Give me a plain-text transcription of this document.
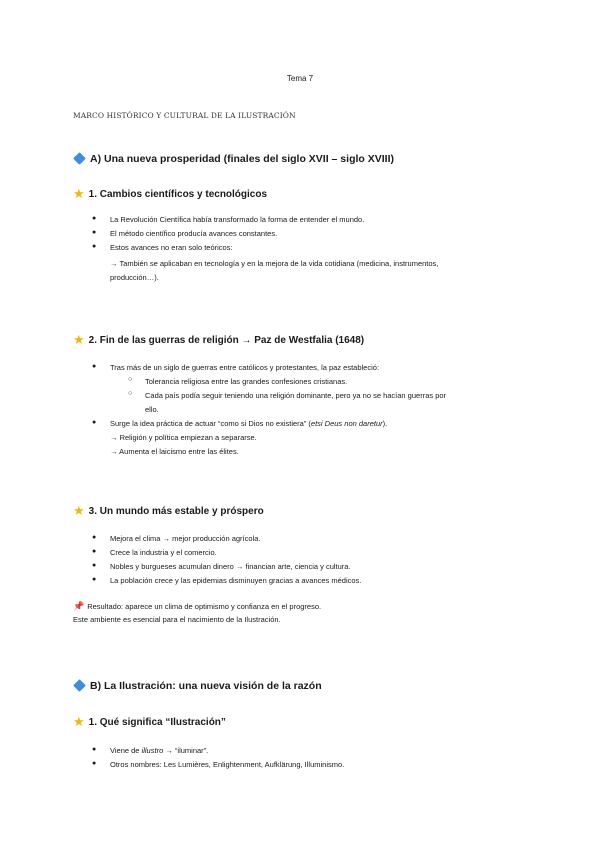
Tema 7
MARCO HISTÓRICO Y CULTURAL DE LA ILUSTRACIÓN
A) Una nueva prosperidad (finales del siglo XVII – siglo XVIII)
★ 1. Cambios científicos y tecnológicos
● La Revolución Científica había transformado la forma de entender el mundo.
● El método científico producía avances constantes.
● Estos avances no eran solo teóricos:
→ También se aplicaban en tecnología y en la mejora de la vida cotidiana (medicina, instrumentos,
producción…).
★ 2. Fin de las guerras de religión → Paz de Westfalia (1648)
● Tras más de un siglo de guerras entre católicos y protestantes, la paz estableció:
○ Tolerancia religiosa entre las grandes confesiones cristianas.
○ Cada país podía seguir teniendo una religión dominante, pero ya no se hacían guerras por
ello.
● Surge la idea práctica de actuar “como si Dios no existiera” (etsi Deus non daretur).
→ Religión y política empiezan a separarse.
→ Aumenta el laicismo entre las élites.
★ 3. Un mundo más estable y próspero
● Mejora el clima → mejor producción agrícola.
● Crece la industria y el comercio.
● Nobles y burgueses acumulan dinero → financian arte, ciencia y cultura.
● La población crece y las epidemias disminuyen gracias a avances médicos.
📌 Resultado: aparece un clima de optimismo y confianza en el progreso.
Este ambiente es esencial para el nacimiento de la Ilustración.
B) La Ilustración: una nueva visión de la razón
★ 1. Qué significa “Ilustración”
● Viene de illustro → “iluminar”.
● Otros nombres: Les Lumières, Enlightenment, Aufklärung, Illuminismo.
